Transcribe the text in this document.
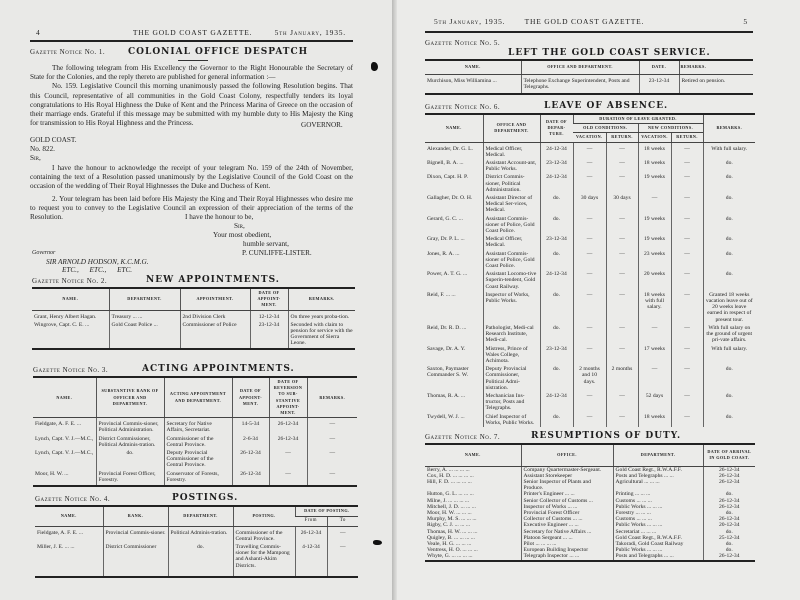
4	THE GOLD COAST GAZETTE.	5th January, 1935.
Gazette Notice No. 1.	COLONIAL OFFICE DESPATCH

The following telegram from His Excellency the Governor to the Right Honourable the Secretary of State for the Colonies, and the reply thereto are published for general information :—

No. 159. Legislative Council this morning unanimously passed the following Resolution begins. That this Council, representative of all communities in the Gold Coast Colony, respectfully tenders its loyal congratulations to His Royal Highness the Duke of Kent and the Princess Marina of Greece on the occasion of their marriage ends. Grateful if this message may be submitted with my humble duty to His Majesty the King for transmission to His Royal Highness and the Princess.	GOVERNOR.
GOLD COAST.
No. 822.
Sir,

I have the honour to acknowledge the receipt of your telegram No. 159 of the 24th of November, containing the text of a Resolution passed unanimously by the Legislative Council of the Gold Coast on the occasion of the wedding of Their Royal Highnesses the Duke and Duchess of Kent.

2. Your telegram has been laid before His Majesty the King and Their Royal Highnesses who desire me to request you to convey to the Legislative Council an expression of their appreciation of the terms of the Resolution.	I have the honour to be,
Sir,
Your most obedient,
humble servant,
P. CUNLIFFE-LISTER.
Governor
SIR ARNOLD HODSON, K.C.M.G.
ETC.,      ETC.,      ETC.
Gazette Notice No. 2.	NEW APPOINTMENTS.
NAME.	DEPARTMENT.	APPOINTMENT.	DATE OF APPOINT-MENT.	REMARKS.
Grant, Henry Albert Hagan.	Treasury ... ...	2nd Division Clerk	12-12-34	On three years proba-tion.
Wingrove, Capt. C. E. ...	Gold Coast Police ...	Commissioner of Police	23-12-34	Seconded with claim to pension for service with the Government of Sierra Leone.
Gazette Notice No. 3.	ACTING APPOINTMENTS.
NAME.	SUBSTANTIVE RANK OF OFFICER AND DEPARTMENT.	ACTING APPOINTMENT AND DEPARTMENT.	DATE OF APPOINT-MENT.	DATE OF REVERSION TO SUB-STANTIVE APPOINT-MENT.	REMARKS.
Fieldgate, A. F. E. ...	Provincial Commis-sioner, Political Administration.	Secretary for Native Affairs, Secretariat.	14-5-34	26-12-34	—
Lynch, Capt. V. J.—M.C.,	District Commissioner, Political Adminis-tration.	Commissioner of the Central Province.	2-6-34	26-12-34	—
Lynch, Capt. V. J.—M.C.,	do.	Deputy Provincial Commissioner of the Central Province.	26-12-34	—	—
Moor, H. W. ...	Provincial Forest Officer, Forestry.	Conservator of Forests, Forestry.	26-12-34	—	—
Gazette Notice No. 4.	POSTINGS.
NAME.	RANK.	DEPARTMENT.	POSTING.	DATE OF POSTING.	
				From	To
Fieldgate, A. F. E. ...	Provincial Commis-sioner.	Political Adminis-tration.	Commissioner of the Central Province.	26-12-34	—
Miller, J. E. ... ...	District Commissioner	do.	Travelling Commis-sioner for the Mampong and Ashanti-Akim Districts.	4-12-34	—
5th January, 1935.	THE GOLD COAST GAZETTE.	5
Gazette Notice No. 5.
LEFT THE GOLD COAST SERVICE.
NAME.	OFFICE AND DEPARTMENT.	DATE.	REMARKS.
Murchison, Miss Williamina ...	Telephone Exchange Superintendent, Posts and Telegraphs.	23-12-34	Retired on pension.
Gazette Notice No. 6.	LEAVE OF ABSENCE.
NAME.	OFFICE AND DEPARTMENT.	DATE OF DEPAR-TURE.	DURATION OF LEAVE GRANTED.				REMARKS.
			OLD CONDITIONS.		NEW CONDITIONS.		
			VACATION.	RETURN.	VACATION.	RETURN.	
Alexander, Dr. G. L.	Medical Officer, Medical.	24-12-34	—	—	18 weeks	—	With full salary.
Bignell, B. A. ...	Assistant Account-ant, Public Works.	23-12-34	—	—	18 weeks	—	do.
Dixon, Capt. H. P.	District Commis-sioner, Political Administration.	24-12-34	—	—	19 weeks	—	do.
Gallagher, Dr. O. H.	Assistant Director of Medical Ser-vices, Medical.	do.	30 days	30 days	—	—	do.
Gerard, G. C. ...	Assistant Commis-sioner of Police, Gold Coast Police.	do.	—	—	19 weeks	—	do.
Gray, Dr. P. L. ...	Medical Officer, Medical.	23-12-34	—	—	19 weeks	—	do.
Jones, R. A. ...	Assistant Commis-sioner of Police, Gold Coast Police.	do.	—	—	23 weeks	—	do.
Power, A. T. G. ...	Assistant Locomo-tive Superin-tendent, Gold Coast Railway.	24-12-34	—	—	20 weeks	—	do.
Reid, F. ... ...	Inspector of Works, Public Works.	do.	—	—	18 weeks with full salary.	—	Granted 18 weeks vacation leave out of 20 weeks leave earned in respect of present tour.
Reid, Dr. R. D. ...	Pathologist, Medi-cal Research Institute, Medi-cal.	do.	—	—	—	—	With full salary on the ground of urgent pri-vate affairs.
Savage, Dr. A. Y.	Mistress, Prince of Wales College, Achimota.	23-12-34	—	—	17 weeks	—	With full salary.
Saxton, Paymaster Commander S. W.	Deputy Provincial Commissioner, Political Admi-nistration.	do.	2 months and 10 days.	2 months	—	—	do.
Thomas, R. A. ...	Mechanician Ins-tructor, Posts and Telegraphs.	24-12-34	—	—	52 days	—	do.
Twydell, W. J. ...	Chief Inspector of Works, Public Works.	do.	—	—	18 weeks	—	do.
Gazette Notice No. 7.	RESUMPTIONS OF DUTY.
NAME.	OFFICE.	DEPARTMENT.	DATE OF ARRIVAL IN GOLD COAST.
Berry, A. ... ... ... ...	Company Quartermaster-Sergeant.	Gold Coast Regt., R.W.A.F.F.	26-12-34
Cox, H. D. ... ... ... ...	Assistant Storekeeper	Posts and Telegraphs ... ...	26-12-34
Hill, F. D. ... ... ... ...	Senior Inspector of Plants and Produce.	Agricultural ... ... ...	26-12-34
Hutton, G. L. ... ... ...	Printer's Engineer ... ...	Printing ... ... ...	do.
Milne, J. ... ... ... ...	Senior Collector of Customs ...	Customs ... ... ...	26-12-34
Mitchell, J. D. ... ... ...	Inspector of Works ... ...	Public Works ... ... ...	26-12-34
Moor, H. W. ... ... ...	Provincial Forest Officer	Forestry ... ... ...	do.
Murphy, M. S. ... ... ...	Collector of Customs ... ...	Customs ... ... ...	26-12-34
Rigby, C. J. ... ... ...	Executive Engineer ... ...	Public Works ... ... ...	20-12-34
Thomas, H. W. ... ... ...	Secretary for Native Affairs ...	Secretariat ... ... ...	do.
Quigley, B. ... ... ... ...	Platoon Sergeant ... ...	Gold Coast Regt., R.W.A.F.F.	25-12-34
Veale, H. G. ... ... ...	Pilot ... ... ... ...	Takoradi, Gold Coast Railway	do.
Ventress, H. O. ... ... ...	European Building Inspector	Public Works ... ... ...	do.
Whyte, G. ... ... ... ...	Telegraph Inspector ... ...	Posts and Telegraphs ... ...	26-12-34
